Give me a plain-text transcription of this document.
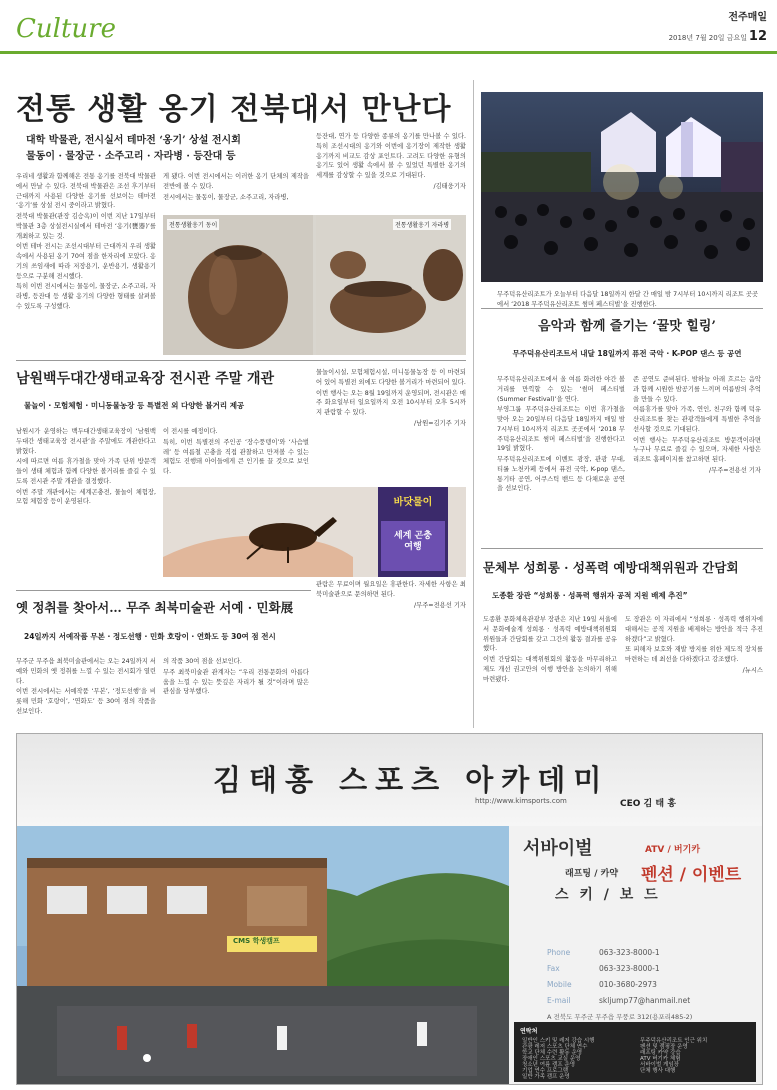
Culture	전주매일
2018년 7월 20일 금요일 12
전통 생활 옹기 전북대서 만난다
대학 박물관, 전시실서 테마전 ‘옹기’ 상설 전시회
물동이 · 물장군 · 소주고리 · 자라병 · 등잔대 등

우리네 생활과 함께해온 전통 옹기를 전북대 박물관에서 만날 수 있다. 전북대 박물관은 조선 후기부터 근대까지 사용된 다양한 옹기를 선보이는 테마전 ‘옹기’를 상설 전시 중이라고 밝혔다.

전북대 박물관(관장 김승옥)이 이번 지난 17일부터 박물관 3층 상설전시실에서 테마전 ‘옹기(甕器)’를 개최하고 있는 것.

이번 테마 전시는 조선시대부터 근대까지 우리 생활 속에서 사용된 옹기 70여 점을 한자리에 모았다. 옹기의 쓰임새에 따라 저장용기, 운반용기, 생활용기 등으로 구분해 전시했다.

특히 이번 전시에서는 물동이, 물장군, 소주고리, 자라병, 등잔대 등 생활 옹기의 다양한 형태를 살펴볼 수 있도록 구성했다.

게 됐다. 이번 전시에서는 이러한 옹기 단체의 제작을 전반에 볼 수 있다.

전시에서는 물동이, 물장군, 소주고리, 자라병,

등잔대, 연가 등 다양한 종류의 옹기를 만나볼 수 있다. 특히 조선시대의 옹기와 이번에 옹기장이 제작한 생활옹기까지 비교도 감상 포인트다. 고려도 다양한 유형의 옹기도 있어 생활 속에서 볼 수 있었던 특별한 옹기의 세계를 감상할 수 있을 것으로 기대된다.

/김태웅기자

전통생활옹기 동이	전통생활옹기 자라병
무주덕유산리조트가 오늘부터 다음달 18일까지 한달 간 매일 밤 7시부터 10시까지 리조트 곳곳에서 ‘2018 무주덕유산리조트 썸머 페스티벌’을 진행한다.
음악과 함께 즐기는 ‘꿀맛 힐링’
무주덕유산리조트서 내달 18일까지 퓨전 국악 · K-POP 댄스 등 공연

무주덕유산리조트에서 올 여름 화려한 야간 볼거리를 만끽할 수 있는 ‘썸머 페스티벌(Summer Festival)’을 연다.

부영그룹 무주덕유산리조트는 이번 휴가철을 맞아 오는 20일부터 다음달 18일까지 매일 밤 7시부터 10시까지 리조트 곳곳에서 ‘2018 무주덕유산리조트 썸머 페스티벌’을 진행한다고 19일 밝혔다.

무주덕유산리조트에 이벤트 광장, 관광 무대, 티롤 노천카페 등에서 퓨전 국악, K-pop 댄스, 통기타 공연, 어쿠스틱 밴드 등 다채로운 공연을 선보인다.

존 공연도 준비된다. 밤하늘 아래 흐르는 음악과 함께 시원한 밤공기를 느끼며 여름밤의 추억을 만들 수 있다.

여름휴가를 맞아 가족, 연인, 친구와 함께 덕유산리조트를 찾는 관광객들에게 특별한 추억을 선사할 것으로 기대된다.

이번 행사는 무주덕유산리조트 방문객이라면 누구나 무료로 즐길 수 있으며, 자세한 사항은 리조트 홈페이지를 참고하면 된다.

/무주=전용선 기자

남원백두대간생태교육장 전시관 주말 개관
물놀이 · 모험체험 · 미니동물농장 등 특별전 외 다양한 볼거리 제공

남원시가 운영하는 백두대간생태교육장이 ‘남원백두대간 생태교육장 전시관’을 주말에도 개관한다고 밝혔다.

시에 따르면 여름 휴가철을 맞아 가족 단위 방문객들이 생태 체험과 함께 다양한 볼거리를 즐길 수 있도록 전시관 주말 개관을 결정했다.

이번 주말 개관에서는 세계곤충전, 물놀이 체험장, 모험 체험장 등이 운영된다.

이 전시를 예정이다.

특히, 이번 특별전의 주인공 ‘장수풍뎅이’와 ‘사슴벌레’ 등 여름철 곤충을 직접 관찰하고 만져볼 수 있는 체험도 진행돼 아이들에게 큰 인기를 끌 것으로 보인다.

물놀이시설, 모험체험시설, 미니동물농장 등 이 마련되어 있어 특별전 외에도 다양한 볼거리가 마련되어 있다.

이번 행사는 오는 8월 19일까지 운영되며, 전시관은 매주 화요일부터 일요일까지 오전 10시부터 오후 5시까지 관람할 수 있다.

/남원=김기주 기자

바닷물이
세계 곤충 여행
옛 정취를 찾아서… 무주 최북미술관 서예 · 민화展
24일까지 서예작품 무본 · 정도선행 · 민화 호랑이 · 연화도 등 30여 점 전시

무주군 무주읍 최북미술관에서는 오는 24일까지 서예와 민화의 옛 정취를 느낄 수 있는 전시회가 열린다.

이번 전시에서는 서예작품 ‘무본’, ‘정도선행’을 비롯해 민화 ‘호랑이’, ‘연화도’ 등 30여 점의 작품을 선보인다.

의 작품 30여 점을 선보인다.

무주 최북미술관 관계자는 “우리 전통문화의 아름다움을 느낄 수 있는 뜻깊은 자리가 될 것”이라며 많은 관심을 당부했다.

관람은 무료이며 월요일은 휴관한다. 자세한 사항은 최북미술관으로 문의하면 된다.

/무주=전용선 기자

문체부 성희롱 · 성폭력 예방대책위원과 간담회
도종환 장관 “성희롱 · 성폭력 행위자 공적 지원 배제 추진”

도종환 문화체육관광부 장관은 지난 19일 서울에서 문화예술계 성희롱 · 성폭력 예방대책위원회 위원들과 간담회를 갖고 그간의 활동 결과를 공유했다.

이번 간담회는 대책위원회의 활동을 마무리하고 제도 개선 권고안의 이행 방안을 논의하기 위해 마련됐다.

도 장관은 이 자리에서 “성희롱 · 성폭력 행위자에 대해서는 공적 지원을 배제하는 방안을 적극 추진하겠다”고 밝혔다.

또 피해자 보호와 재발 방지를 위한 제도적 장치를 마련하는 데 최선을 다하겠다고 강조했다.

/뉴시스

김태홍 스포츠 아카데미
http://www.kimsports.com	CEO 김 태 홍
CMS 학생캠프
서바이벌
래프팅 / 카약
스 키 / 보 드
ATV / 버기카
펜션 / 이벤트
Phone	063-323-8000-1
Fax	063-323-8000-1
Mobile	010-3680-2973
E-mail	skljump77@hanmail.net
A 전북도 무주군 무주읍 무풍로 312(용포리485-2)
연락처
일반인 스키 및 레저 강습 시행
관광 레저 스포츠 단체 연수
학교 단체 수련 활동 운영
장애인 스포츠 교실 운영
청소년 여름 캠프 운영
기업 연수 프로그램
일반 가족 캠프 운영
무주덕유산리조트 인근 위치
펜션 및 캠핑장 운영
래프팅 카약 강습
ATV 버기카 체험
서바이벌 게임장
단체 행사 대행
